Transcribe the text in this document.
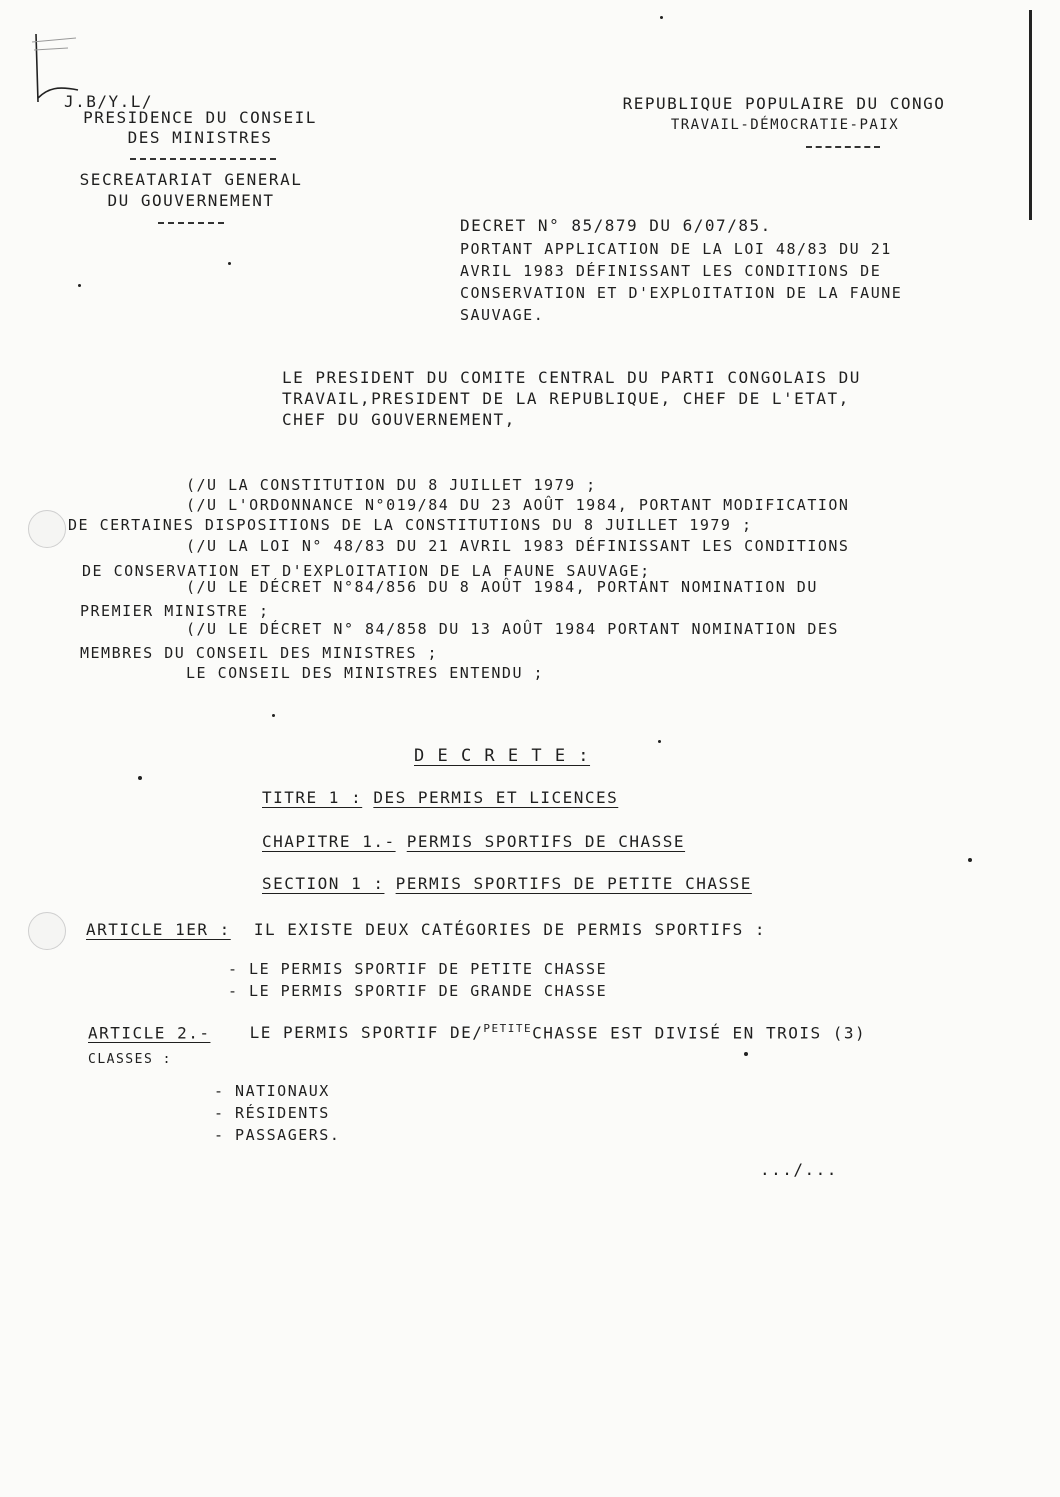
J.B/Y.L/
PRESIDENCE DU CONSEIL
DES MINISTRES
SECREATARIAT GENERAL
DU GOUVERNEMENT
REPUBLIQUE POPULAIRE DU CONGO
TRAVAIL-DÉMOCRATIE-PAIX
DECRET N° 85/879 DU 6/07/85.
PORTANT APPLICATION DE LA LOI 48/83 DU 21
AVRIL 1983 DÉFINISSANT LES CONDITIONS DE
CONSERVATION ET D'EXPLOITATION DE LA FAUNE
SAUVAGE.
LE PRESIDENT DU COMITE CENTRAL DU PARTI CONGOLAIS DU
TRAVAIL,PRESIDENT DE LA REPUBLIQUE, CHEF DE L'ETAT,
CHEF DU GOUVERNEMENT,
(/U LA CONSTITUTION DU 8 JUILLET 1979 ;
(/U L'ORDONNANCE N°019/84 DU 23 AOÛT 1984, PORTANT MODIFICATION
DE CERTAINES DISPOSITIONS DE LA CONSTITUTIONS DU 8 JUILLET 1979 ;
(/U LA LOI N° 48/83 DU 21 AVRIL 1983 DÉFINISSANT LES CONDITIONS
DE CONSERVATION ET D'EXPLOITATION DE LA FAUNE SAUVAGE;
(/U LE DÉCRET N°84/856 DU 8 AOÛT 1984, PORTANT NOMINATION DU
PREMIER MINISTRE ;
(/U LE DÉCRET N° 84/858 DU 13 AOÛT 1984 PORTANT NOMINATION DES
MEMBRES DU CONSEIL DES MINISTRES ;
LE CONSEIL DES MINISTRES ENTENDU ;
D E C R E T E :
TITRE 1 : DES PERMIS ET LICENCES
CHAPITRE 1.- PERMIS SPORTIFS DE CHASSE
SECTION 1 : PERMIS SPORTIFS DE PETITE CHASSE
ARTICLE 1ER : IL EXISTE DEUX CATÉGORIES DE PERMIS SPORTIFS :
- LE PERMIS SPORTIF DE PETITE CHASSE
- LE PERMIS SPORTIF DE GRANDE CHASSE
ARTICLE 2.- LE PERMIS SPORTIF DE/$^{PETITE}$CHASSE EST DIVISÉ EN TROIS (3)
CLASSES :
- NATIONAUX
- RÉSIDENTS
- PASSAGERS.
.../...
